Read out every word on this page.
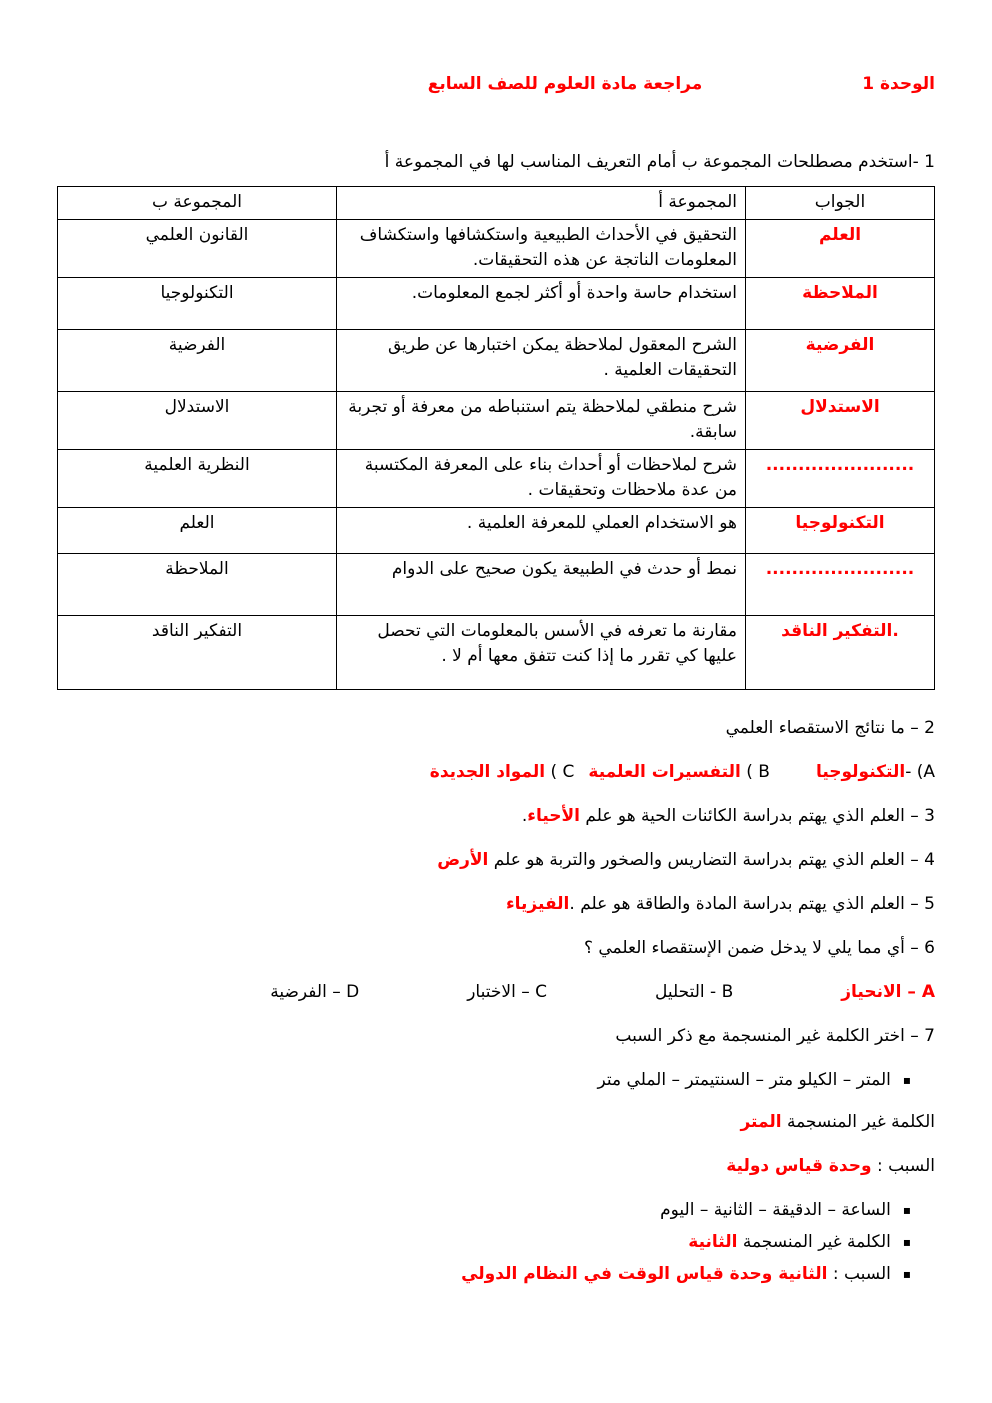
الوحدة 1
مراجعة مادة العلوم للصف السابع
1 -استخدم مصطلحات المجموعة ب أمام التعريف المناسب لها في المجموعة أ
الجواب	المجموعة أ	المجموعة ب
العلم	التحقيق في الأحداث الطبيعية واستكشافها واستكشاف المعلومات الناتجة عن هذه التحقيقات.	القانون العلمي
الملاحظة	استخدام حاسة واحدة أو أكثر لجمع المعلومات.	التكنولوجيا
الفرضية	الشرح المعقول لملاحظة يمكن اختبارها عن طريق التحقيقات العلمية .	الفرضية
الاستدلال	شرح منطقي لملاحظة يتم استنباطه من معرفة أو تجربة سابقة.	الاستدلال
.......................	شرح لملاحظات أو أحداث بناء على المعرفة المكتسبة من عدة ملاحظات وتحقيقات .	النظرية العلمية
التكنولوجيا	هو الاستخدام العملي للمعرفة العلمية .	العلم
.......................	نمط أو حدث في الطبيعة يكون صحيح على الدوام	الملاحظة
.التفكير الناقد	مقارنة ما تعرفه في الأسس بالمعلومات التي تحصل عليها كي تقرر ما إذا كنت تتفق معها أم لا .	التفكير الناقد
2 – ما نتائج الاستقصاء العلمي
A) -التكنولوجياB ) التفسيرات العلميةC ) المواد الجديدة
3 – العلم الذي يهتم بدراسة الكائنات الحية هو علم الأحياء.
4 – العلم الذي يهتم بدراسة التضاريس والصخور والتربة هو علم الأرض
5 – العلم الذي يهتم بدراسة المادة والطاقة هو علم .الفيزياء
6 – أي مما يلي لا يدخل ضمن الإستقصاء العلمي ؟
A – الانحيازB - التحليلC – الاختبارD – الفرضية
7 – اختر الكلمة غير المنسجمة مع ذكر السبب
▪ المتر – الكيلو متر – السنتيمتر – الملي متر
الكلمة غير المنسجمة المتر
السبب : وحدة قياس دولية
▪ الساعة – الدقيقة – الثانية – اليوم
▪ الكلمة غير المنسجمة الثانية
▪ السبب : الثانية وحدة قياس الوقت في النظام الدولي
